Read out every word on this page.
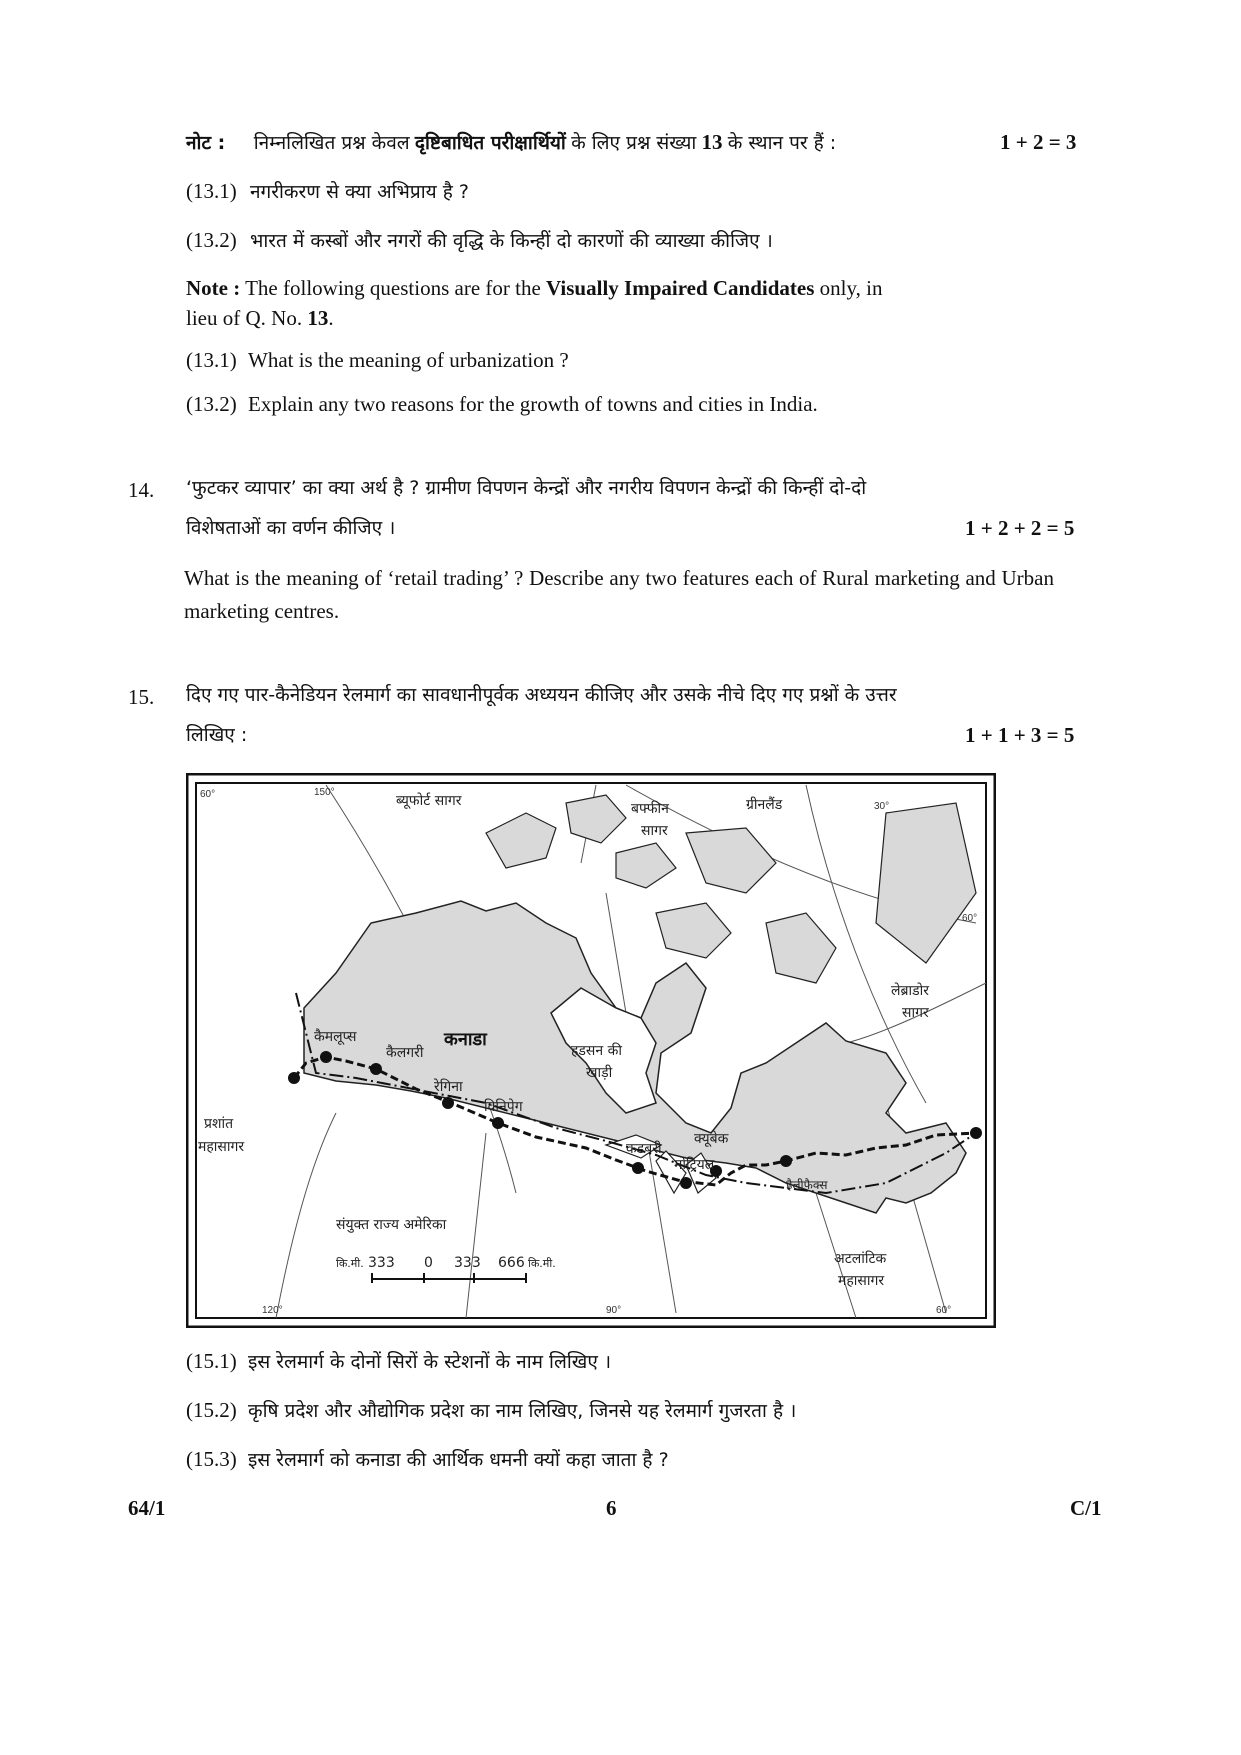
नोट : निम्नलिखित प्रश्न केवल दृष्टिबाधित परीक्षार्थियों के लिए प्रश्न संख्या 13 के स्थान पर हैं :	1 + 2 = 3
(13.1) नगरीकरण से क्या अभिप्राय है ?
(13.2) भारत में कस्बों और नगरों की वृद्धि के किन्हीं दो कारणों की व्याख्या कीजिए ।
Note : The following questions are for the Visually Impaired Candidates only, in
lieu of Q. No. 13.
(13.1) What is the meaning of urbanization ?
(13.2) Explain any two reasons for the growth of towns and cities in India.
14. ‘फुटकर व्यापार’ का क्या अर्थ है ? ग्रामीण विपणन केन्द्रों और नगरीय विपणन केन्द्रों की किन्हीं दो-दो
विशेषताओं का वर्णन कीजिए ।	1 + 2 + 2 = 5
What is the meaning of ‘retail trading’ ? Describe any two features each of Rural marketing and Urban marketing centres.
15. दिए गए पार-कैनेडियन रेलमार्ग का सावधानीपूर्वक अध्ययन कीजिए और उसके नीचे दिए गए प्रश्नों के उत्तर
लिखिए :	1 + 1 + 3 = 5
60°	150°
30°
60°
120°	90°	60°
ब्यूफोर्ट सागर	बफ्फीन
सागर
ग्रीनलैंड
लेब्राडोर
सागर
कनाडा
हडसन की
खाड़ी
प्रशांत
महासागर
अटलांटिक
महासागर
संयुक्त राज्य अमेरिका
कैमलूप्स
कैलगरी
रेगिना
विनिपेग
कडबरी
क्यूबेक
मोंट्रियल
हैलीफैक्स
कि.मी. 333 0 333 666 कि.मी.
(15.1) इस रेलमार्ग के दोनों सिरों के स्टेशनों के नाम लिखिए ।
(15.2) कृषि प्रदेश और औद्योगिक प्रदेश का नाम लिखिए, जिनसे यह रेलमार्ग गुजरता है ।
(15.3) इस रेलमार्ग को कनाडा की आर्थिक धमनी क्यों कहा जाता है ?
64/1	6	C/1
